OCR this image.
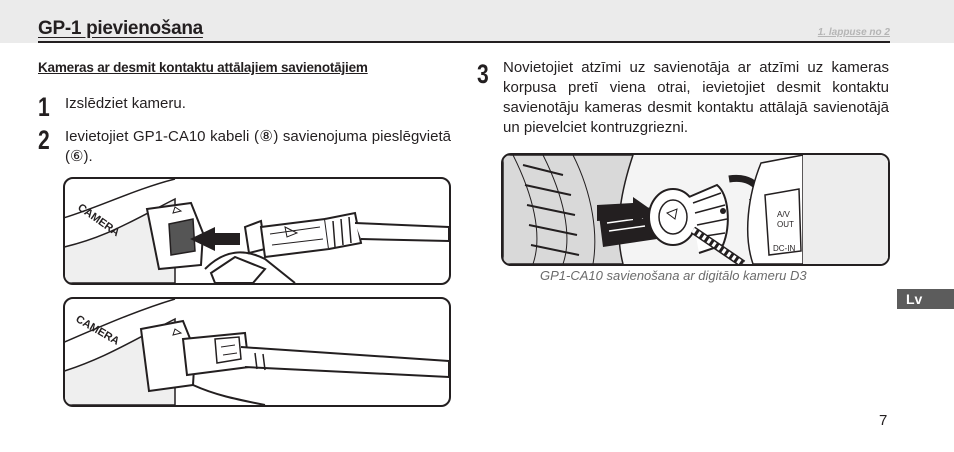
GP-1 pievienošana	1. lappuse no 2
Kameras ar desmit kontaktu attālajiem savienotājiem
1 Izslēdziet kameru.
2 Ievietojiet GP1-CA10 kabeli (⑧) savienojuma pieslēgvietā (⑥).
3 Novietojiet atzīmi uz savienotāja ar atzīmi uz kameras korpusa pretī viena otrai, ievietojiet desmit kontaktu savienotāju kameras desmit kontaktu attālajā savienotājā un pievelciet kontruzgriezni.
CAMERA
CAMERA
A/V
OUT
DC-IN
GP1-CA10 savienošana ar digitālo kameru D3
Lv
7
